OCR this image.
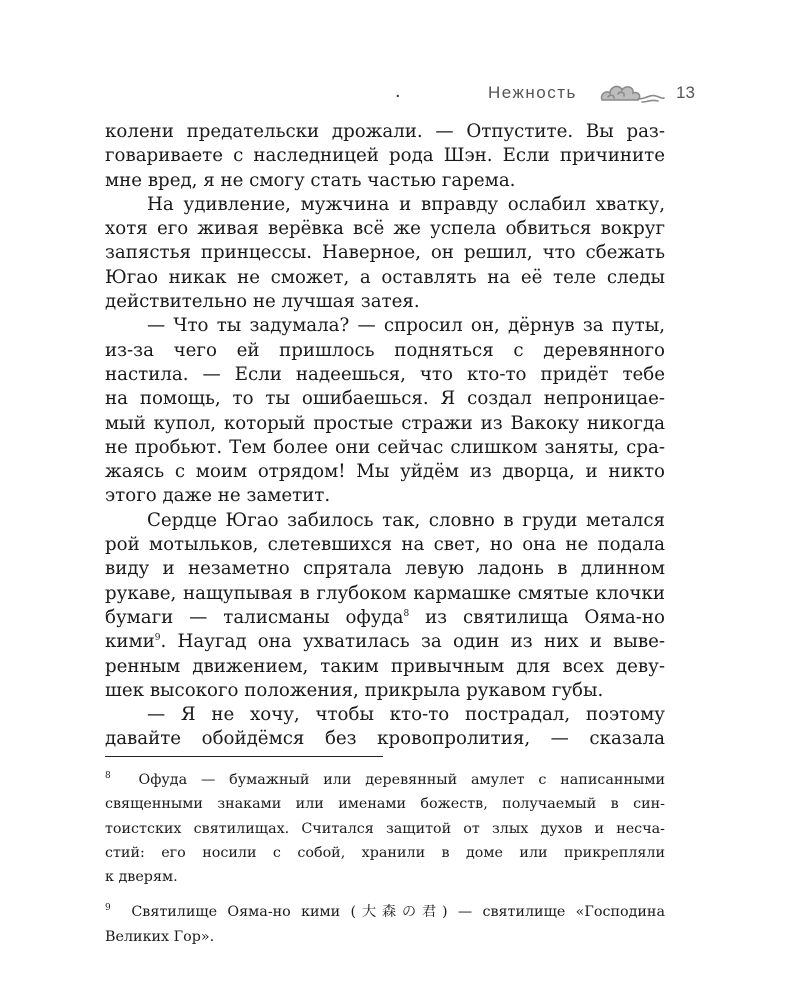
.	Нежность	13
колени предательски дрожали. — Отпустите. Вы раз-
говариваете с наследницей рода Шэн. Если причините
мне вред, я не смогу стать частью гарема.
На удивление, мужчина и вправду ослабил хватку,
хотя его живая верёвка всё же успела обвиться вокруг
запястья принцессы. Наверное, он решил, что сбежать
Югао никак не сможет, а оставлять на её теле следы
действительно не лучшая затея.
— Что ты задумала? — спросил он, дёрнув за путы,
из-за чего ей пришлось подняться с деревянного
настила. — Если надеешься, что кто-то придёт тебе
на помощь, то ты ошибаешься. Я создал непроницае-
мый купол, который простые стражи из Вакоку никогда
не пробьют. Тем более они сейчас слишком заняты, сра-
жаясь с моим отрядом! Мы уйдём из дворца, и никто
этого даже не заметит.
Сердце Югао забилось так, словно в груди метался
рой мотыльков, слетевшихся на свет, но она не подала
виду и незаметно спрятала левую ладонь в длинном
рукаве, нащупывая в глубоком кармашке смятые клочки
бумаги — талисманы офуда$^8$ из святилища Ояма-но
кими$^9$. Наугад она ухватилась за один из них и выве-
ренным движением, таким привычным для всех деву-
шек высокого положения, прикрыла рукавом губы.
— Я не хочу, чтобы кто-то пострадал, поэтому
давайте обойдёмся без кровопролития, — сказала
$^8$ Офуда — бумажный или деревянный амулет с написанными
священными знаками или именами божеств, получаемый в син-
тоистских святилищах. Считался защитой от злых духов и несча-
стий: его носили с собой, хранили в доме или прикрепляли
к дверям.
$^9$ Святилище Ояма-но кими (大森の君) — святилище «Господина
Великих Гор».
